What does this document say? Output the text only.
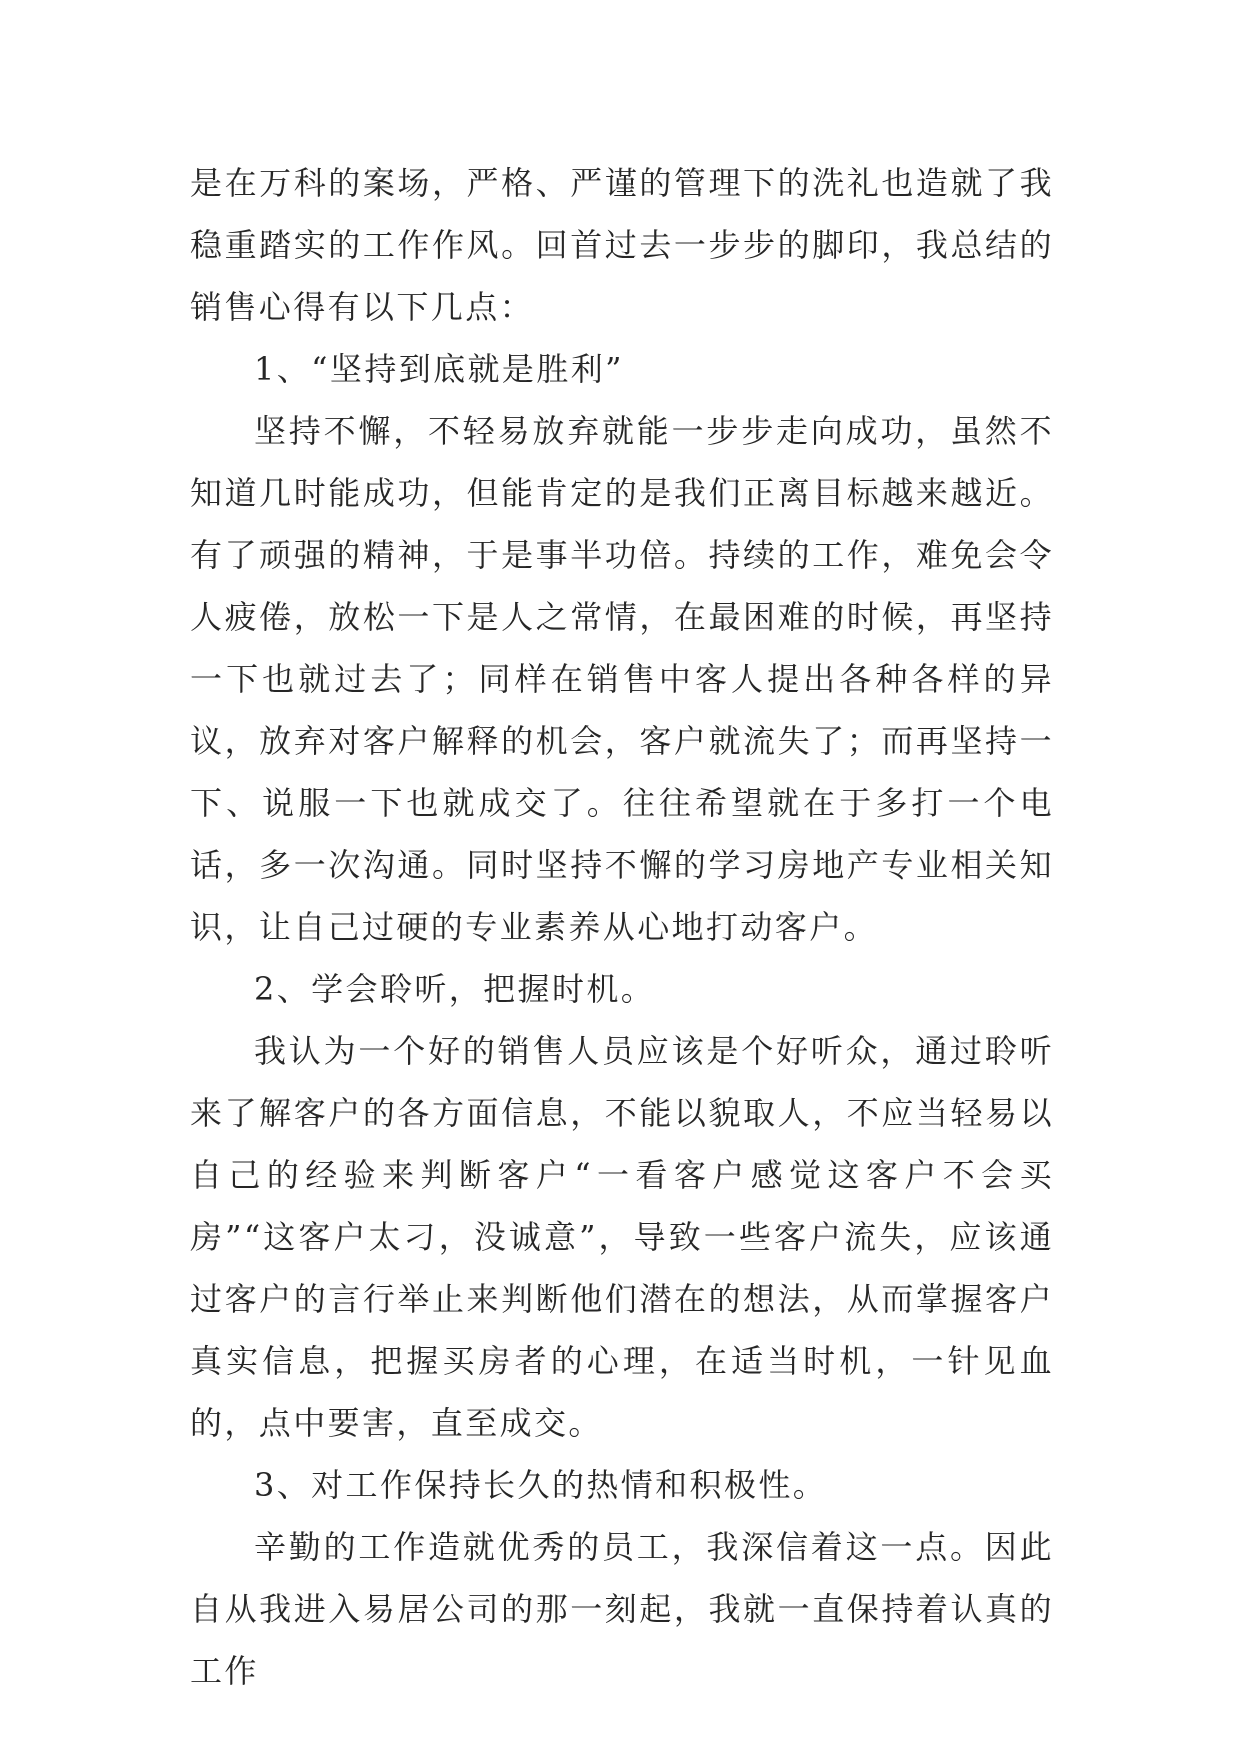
是在万科的案场，严格、严谨的管理下的洗礼也造就了我稳重踏实的工作作风。回首过去一步步的脚印，我总结的销售心得有以下几点：

1、“坚持到底就是胜利”

坚持不懈，不轻易放弃就能一步步走向成功，虽然不知道几时能成功，但能肯定的是我们正离目标越来越近。有了顽强的精神，于是事半功倍。持续的工作，难免会令人疲倦，放松一下是人之常情，在最困难的时候，再坚持一下也就过去了；同样在销售中客人提出各种各样的异议，放弃对客户解释的机会，客户就流失了；而再坚持一下、说服一下也就成交了。往往希望就在于多打一个电话，多一次沟通。同时坚持不懈的学习房地产专业相关知识，让自己过硬的专业素养从心地打动客户。

2、学会聆听，把握时机。

我认为一个好的销售人员应该是个好听众，通过聆听来了解客户的各方面信息，不能以貌取人，不应当轻易以自己的经验来判断客户“一看客户感觉这客户不会买房”“这客户太刁，没诚意”，导致一些客户流失，应该通过客户的言行举止来判断他们潜在的想法，从而掌握客户真实信息，把握买房者的心理，在适当时机，一针见血的，点中要害，直至成交。

3、对工作保持长久的热情和积极性。

辛勤的工作造就优秀的员工，我深信着这一点。因此自从我进入易居公司的那一刻起，我就一直保持着认真的工作
